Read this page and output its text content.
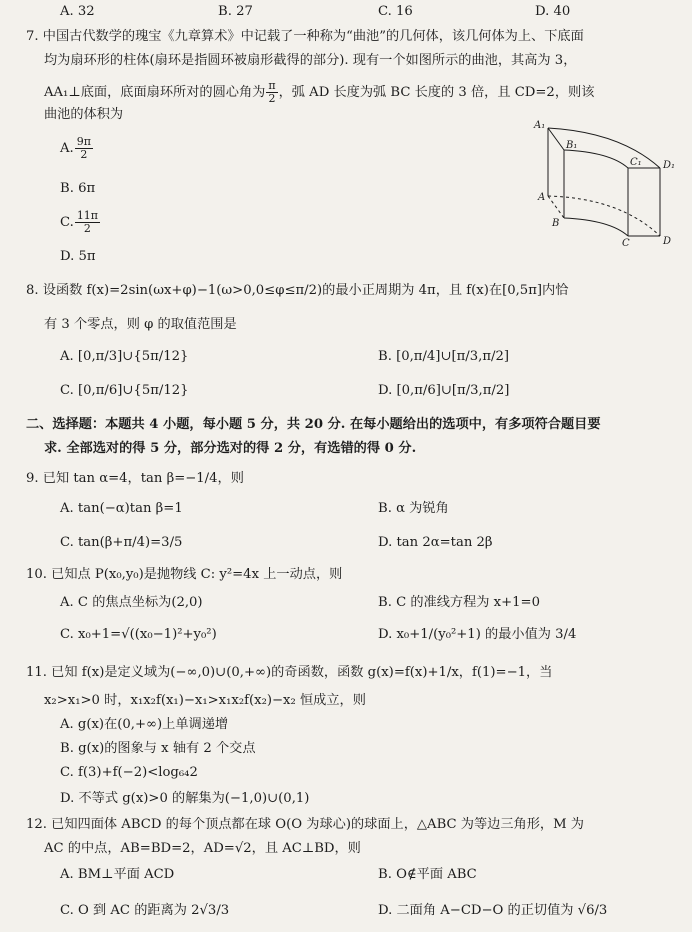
A. 32	B. 27	C. 16	D. 40
7. 中国古代数学的瑰宝《九章算术》中记载了一种称为“曲池”的几何体，该几何体为上、下底面
均为扇环形的柱体(扇环是指圆环被扇形截得的部分). 现有一个如图所示的曲池，其高为 3，
AA₁⊥底面，底面扇环所对的圆心角为 $\frac{\pi}{2}$ ，弧 AD 长度为弧 BC 长度的 3 倍，且 CD=2，则该
曲池的体积为
A. $\frac{9\pi}{2}$
B. 6π
C. $\frac{11\pi}{2}$
D. 5π
A₁
B₁
C₁ D₁
A
B
C	D
8. 设函数 f(x)=2sin(ωx+φ)−1(ω>0,0≤φ≤π/2)的最小正周期为 4π，且 f(x)在[0,5π]内恰
有 3 个零点，则 φ 的取值范围是
A. [0,π/3]∪{5π/12}	B. [0,π/4]∪[π/3,π/2]
C. [0,π/6]∪{5π/12}	D. [0,π/6]∪[π/3,π/2]
二、选择题：本题共 4 小题，每小题 5 分，共 20 分. 在每小题给出的选项中，有多项符合题目要
求. 全部选对的得 5 分，部分选对的得 2 分，有选错的得 0 分.
9. 已知 tan α=4，tan β=−1/4，则
A. tan(−α)tan β=1	B. α 为锐角
C. tan(β+π/4)=3/5	D. tan 2α=tan 2β
10. 已知点 P(x₀,y₀)是抛物线 C: y²=4x 上一动点，则
A. C 的焦点坐标为(2,0)	B. C 的准线方程为 x+1=0
C. x₀+1=√((x₀−1)²+y₀²)	D. x₀+1/(y₀²+1) 的最小值为 3/4
11. 已知 f(x)是定义域为(−∞,0)∪(0,+∞)的奇函数，函数 g(x)=f(x)+1/x，f(1)=−1，当
x₂>x₁>0 时，x₁x₂f(x₁)−x₁>x₁x₂f(x₂)−x₂ 恒成立，则
A. g(x)在(0,+∞)上单调递增
B. g(x)的图象与 x 轴有 2 个交点
C. f(3)+f(−2)<log₆₄2
D. 不等式 g(x)>0 的解集为(−1,0)∪(0,1)
12. 已知四面体 ABCD 的每个顶点都在球 O(O 为球心)的球面上，△ABC 为等边三角形，M 为
AC 的中点，AB=BD=2，AD=√2，且 AC⊥BD，则
A. BM⊥平面 ACD	B. O∉平面 ABC
C. O 到 AC 的距离为 2√3/3	D. 二面角 A−CD−O 的正切值为 √6/3
